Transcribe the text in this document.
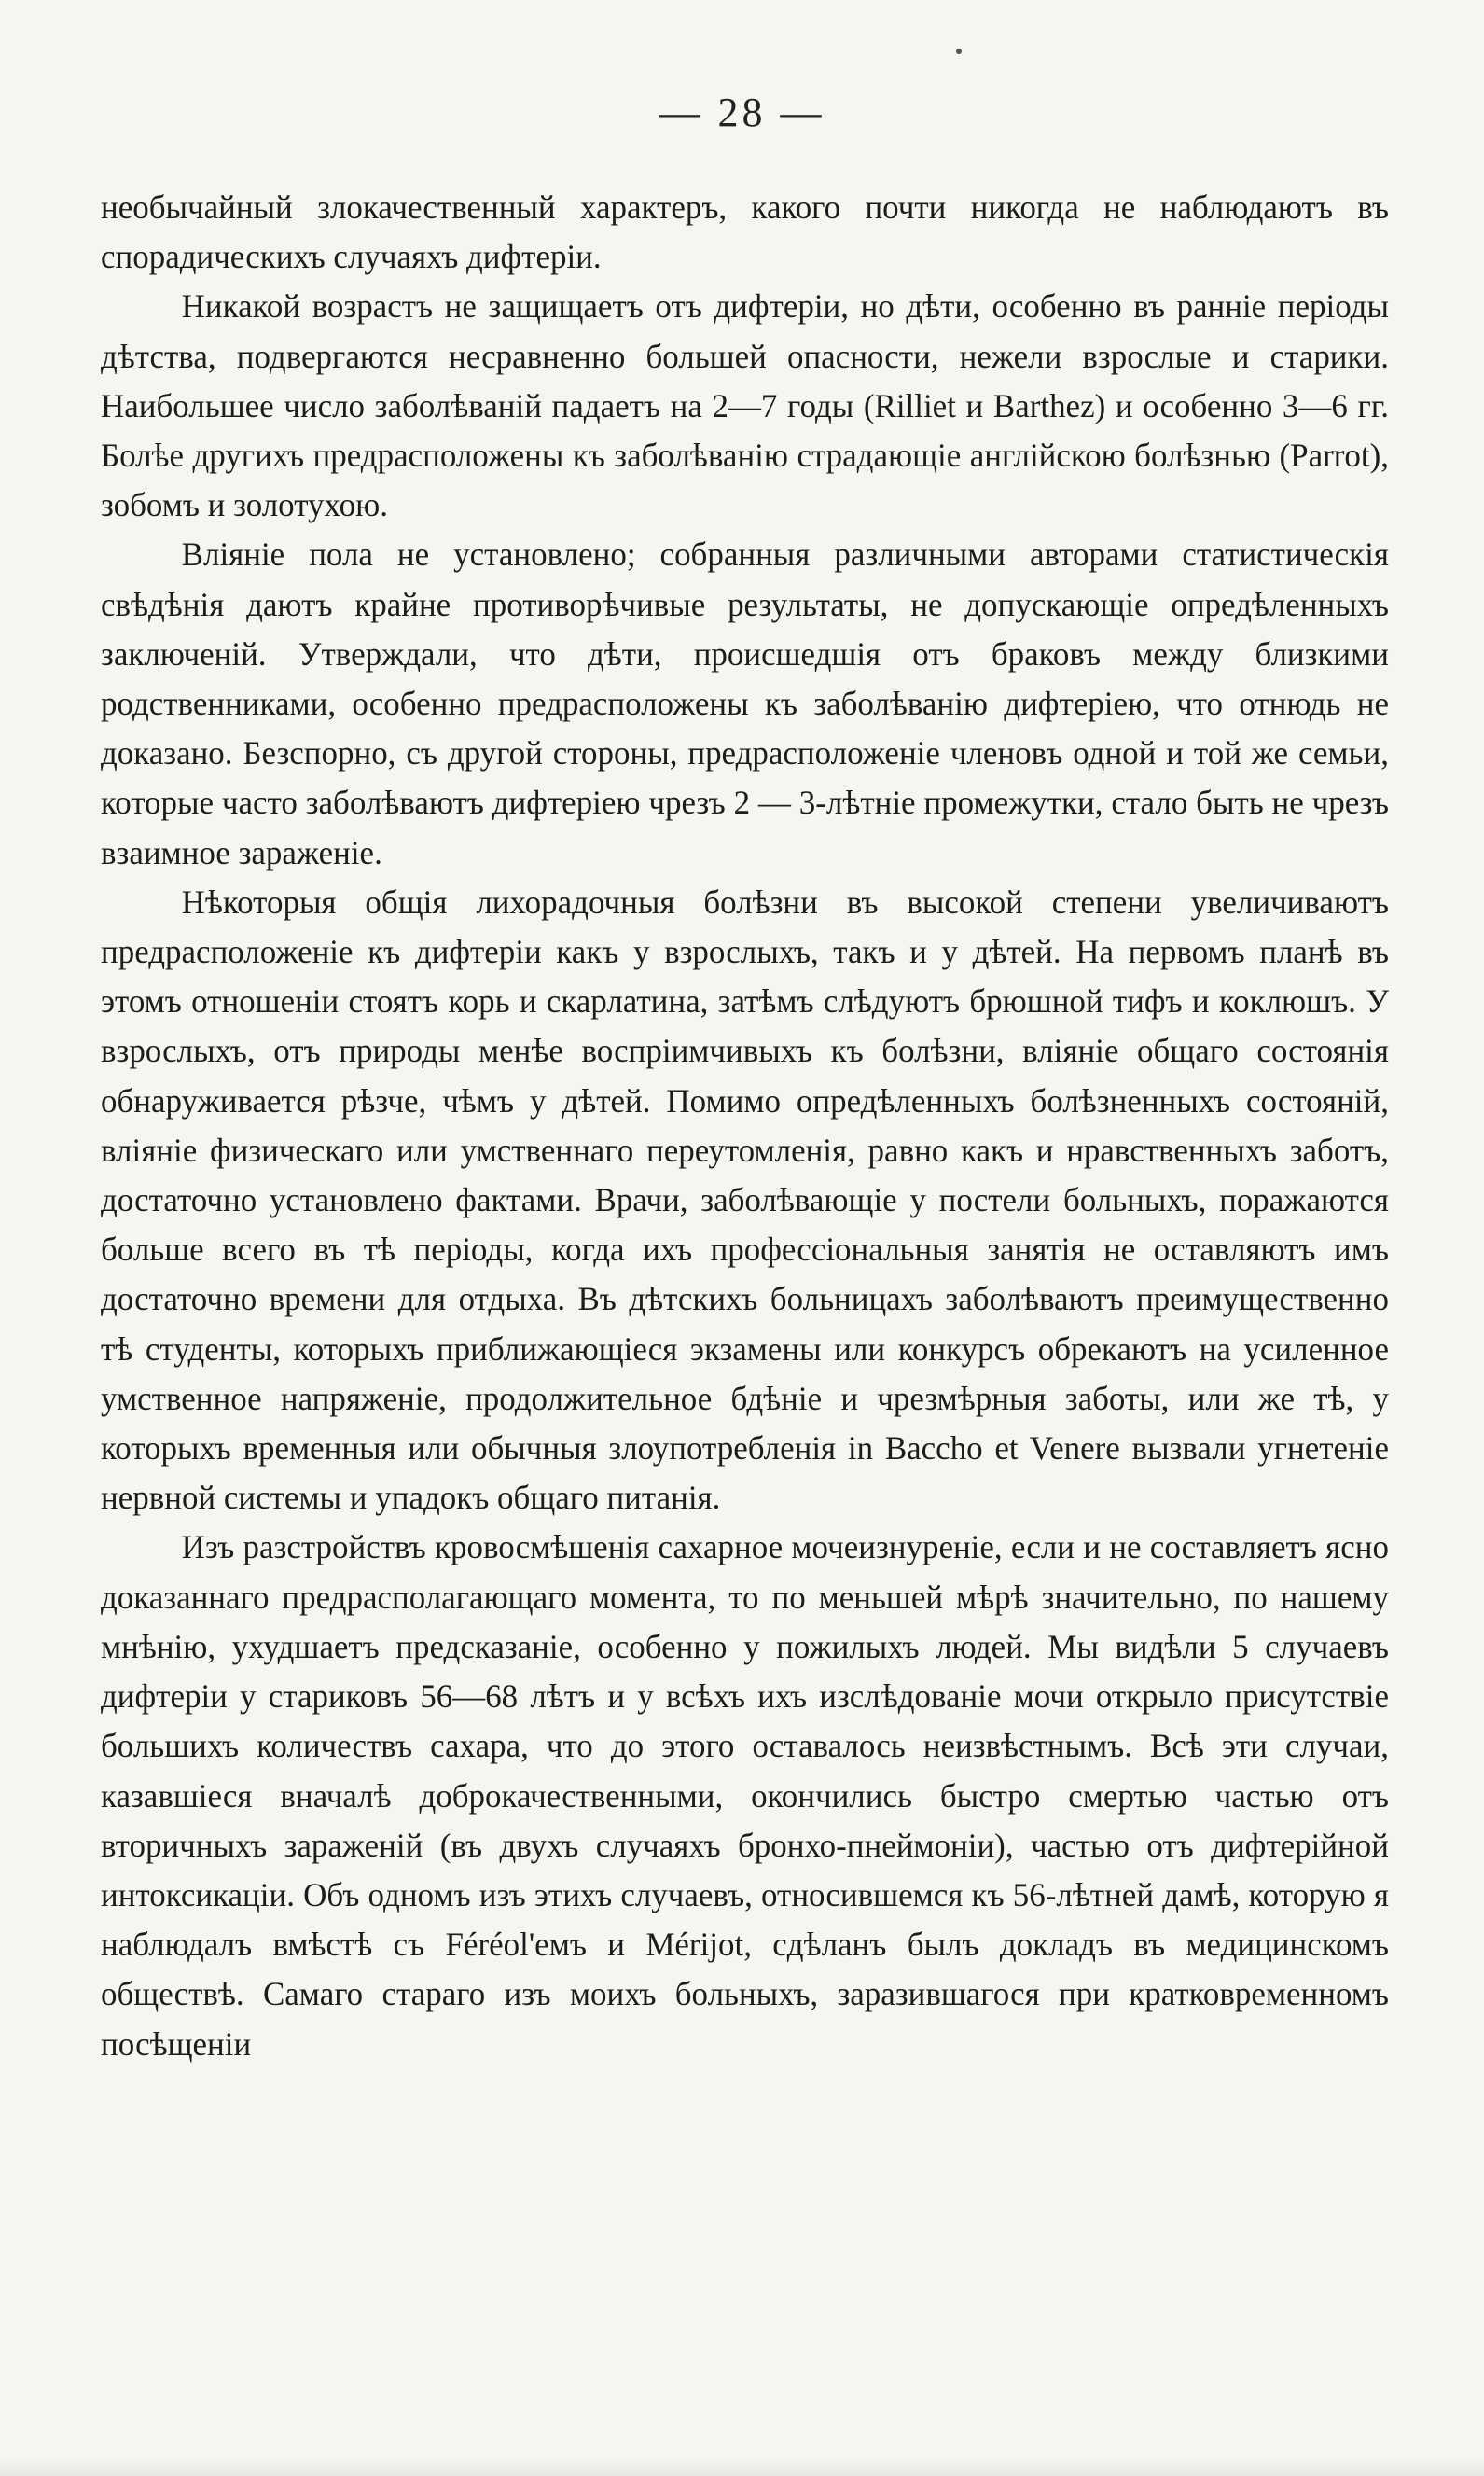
— 28 —

необычайный злокачественный характеръ, какого почти никогда не наблюдаютъ въ спорадическихъ случаяхъ дифтеріи.

Никакой возрастъ не защищаетъ отъ дифтеріи, но дѣти, особенно въ ранніе періоды дѣтства, подвергаются несравненно большей опасности, нежели взрослые и старики. Наибольшее число заболѣваній падаетъ на 2—7 годы (Rilliet и Barthez) и особенно 3—6 гг. Болѣе другихъ предрасположены къ заболѣванію страдающіе англійскою болѣзнью (Parrot), зобомъ и золотухою.

Вліяніе пола не установлено; собранныя различными авторами статистическія свѣдѣнія даютъ крайне противорѣчивые результаты, не допускающіе опредѣленныхъ заключеній. Утверждали, что дѣти, происшедшія отъ браковъ между близкими родственниками, особенно предрасположены къ заболѣванію дифтеріею, что отнюдь не доказано. Безспорно, съ другой стороны, предрасположеніе членовъ одной и той же семьи, которые часто заболѣваютъ дифтеріею чрезъ 2 — 3-лѣтніе промежутки, стало быть не чрезъ взаимное зараженіе.

Нѣкоторыя общія лихорадочныя болѣзни въ высокой степени увеличиваютъ предрасположеніе къ дифтеріи какъ у взрослыхъ, такъ и у дѣтей. На первомъ планѣ въ этомъ отношеніи стоятъ корь и скарлатина, затѣмъ слѣдуютъ брюшной тифъ и коклюшъ. У взрослыхъ, отъ природы менѣе воспріимчивыхъ къ болѣзни, вліяніе общаго состоянія обнаруживается рѣзче, чѣмъ у дѣтей. Помимо опредѣленныхъ болѣзненныхъ состояній, вліяніе физическаго или умственнаго переутомленія, равно какъ и нравственныхъ заботъ, достаточно установлено фактами. Врачи, заболѣвающіе у постели больныхъ, поражаются больше всего въ тѣ періоды, когда ихъ профессіональныя занятія не оставляютъ имъ достаточно времени для отдыха. Въ дѣтскихъ больницахъ заболѣваютъ преимущественно тѣ студенты, которыхъ приближающіеся экзамены или конкурсъ обрекаютъ на усиленное умственное напряженіе, продолжительное бдѣніе и чрезмѣрныя заботы, или же тѣ, у которыхъ временныя или обычныя злоупотребленія in Baccho et Venere вызвали угнетеніе нервной системы и упадокъ общаго питанія.

Изъ разстройствъ кровосмѣшенія сахарное мочеизнуреніе, если и не составляетъ ясно доказаннаго предрасполагающаго момента, то по меньшей мѣрѣ значительно, по нашему мнѣнію, ухудшаетъ предсказаніе, особенно у пожилыхъ людей. Мы видѣли 5 случаевъ дифтеріи у стариковъ 56—68 лѣтъ и у всѣхъ ихъ изслѣдованіе мочи открыло присутствіе большихъ количествъ сахара, что до этого оставалось неизвѣстнымъ. Всѣ эти случаи, казавшіеся вначалѣ доброкачественными, окончились быстро смертью частью отъ вторичныхъ зараженій (въ двухъ случаяхъ бронхо-пнеймоніи), частью отъ дифтерійной интоксикаціи. Объ одномъ изъ этихъ случаевъ, относившемся къ 56-лѣтней дамѣ, которую я наблюдалъ вмѣстѣ съ Féréol'емъ и Mérijot, сдѣланъ былъ докладъ въ медицинскомъ обществѣ. Самаго стараго изъ моихъ больныхъ, заразившагося при кратковременномъ посѣщеніи
